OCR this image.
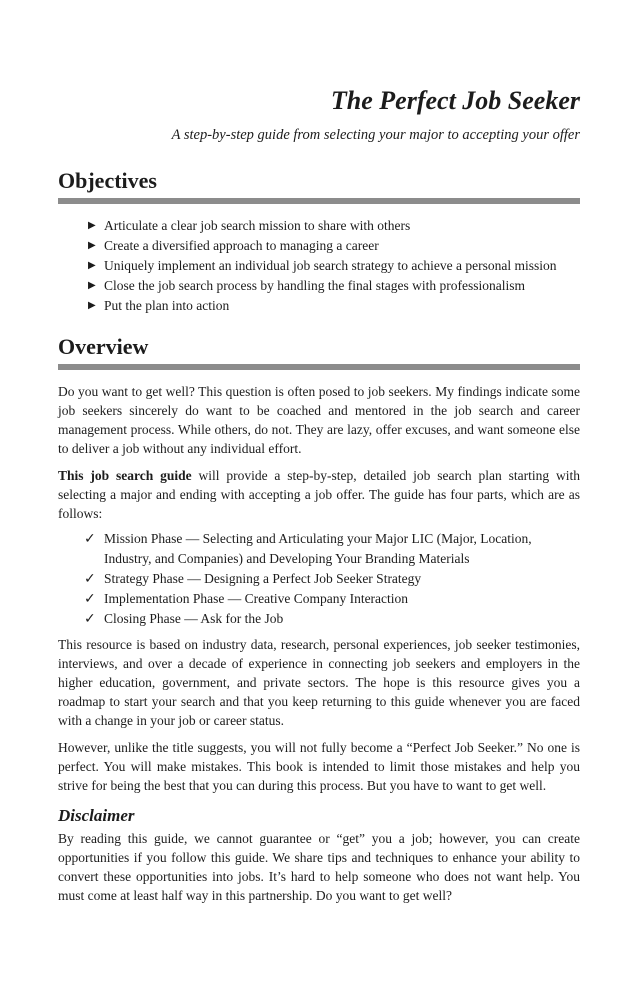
The Perfect Job Seeker
A step-by-step guide from selecting your major to accepting your offer
Objectives
▶ Articulate a clear job search mission to share with others
▶ Create a diversified approach to managing a career
▶ Uniquely implement an individual job search strategy to achieve a personal mission
▶ Close the job search process by handling the final stages with professionalism
▶ Put the plan into action
Overview

Do you want to get well? This question is often posed to job seekers. My findings indicate some job seekers sincerely do want to be coached and mentored in the job search and career management process. While others, do not. They are lazy, offer excuses, and want someone else to deliver a job without any individual effort.

This job search guide will provide a step-by-step, detailed job search plan starting with selecting a major and ending with accepting a job offer. The guide has four parts, which are as follows:

✓ Mission Phase — Selecting and Articulating your Major LIC (Major, Location, Industry, and Companies) and Developing Your Branding Materials
✓ Strategy Phase — Designing a Perfect Job Seeker Strategy
✓ Implementation Phase — Creative Company Interaction
✓ Closing Phase — Ask for the Job

This resource is based on industry data, research, personal experiences, job seeker testimonies, interviews, and over a decade of experience in connecting job seekers and employers in the higher education, government, and private sectors. The hope is this resource gives you a roadmap to start your search and that you keep returning to this guide whenever you are faced with a change in your job or career status.

However, unlike the title suggests, you will not fully become a “Perfect Job Seeker.” No one is perfect. You will make mistakes. This book is intended to limit those mistakes and help you strive for being the best that you can during this process. But you have to want to get well.

Disclaimer

By reading this guide, we cannot guarantee or “get” you a job; however, you can create opportunities if you follow this guide. We share tips and techniques to enhance your ability to convert these opportunities into jobs. It’s hard to help someone who does not want help. You must come at least half way in this partnership. Do you want to get well?
